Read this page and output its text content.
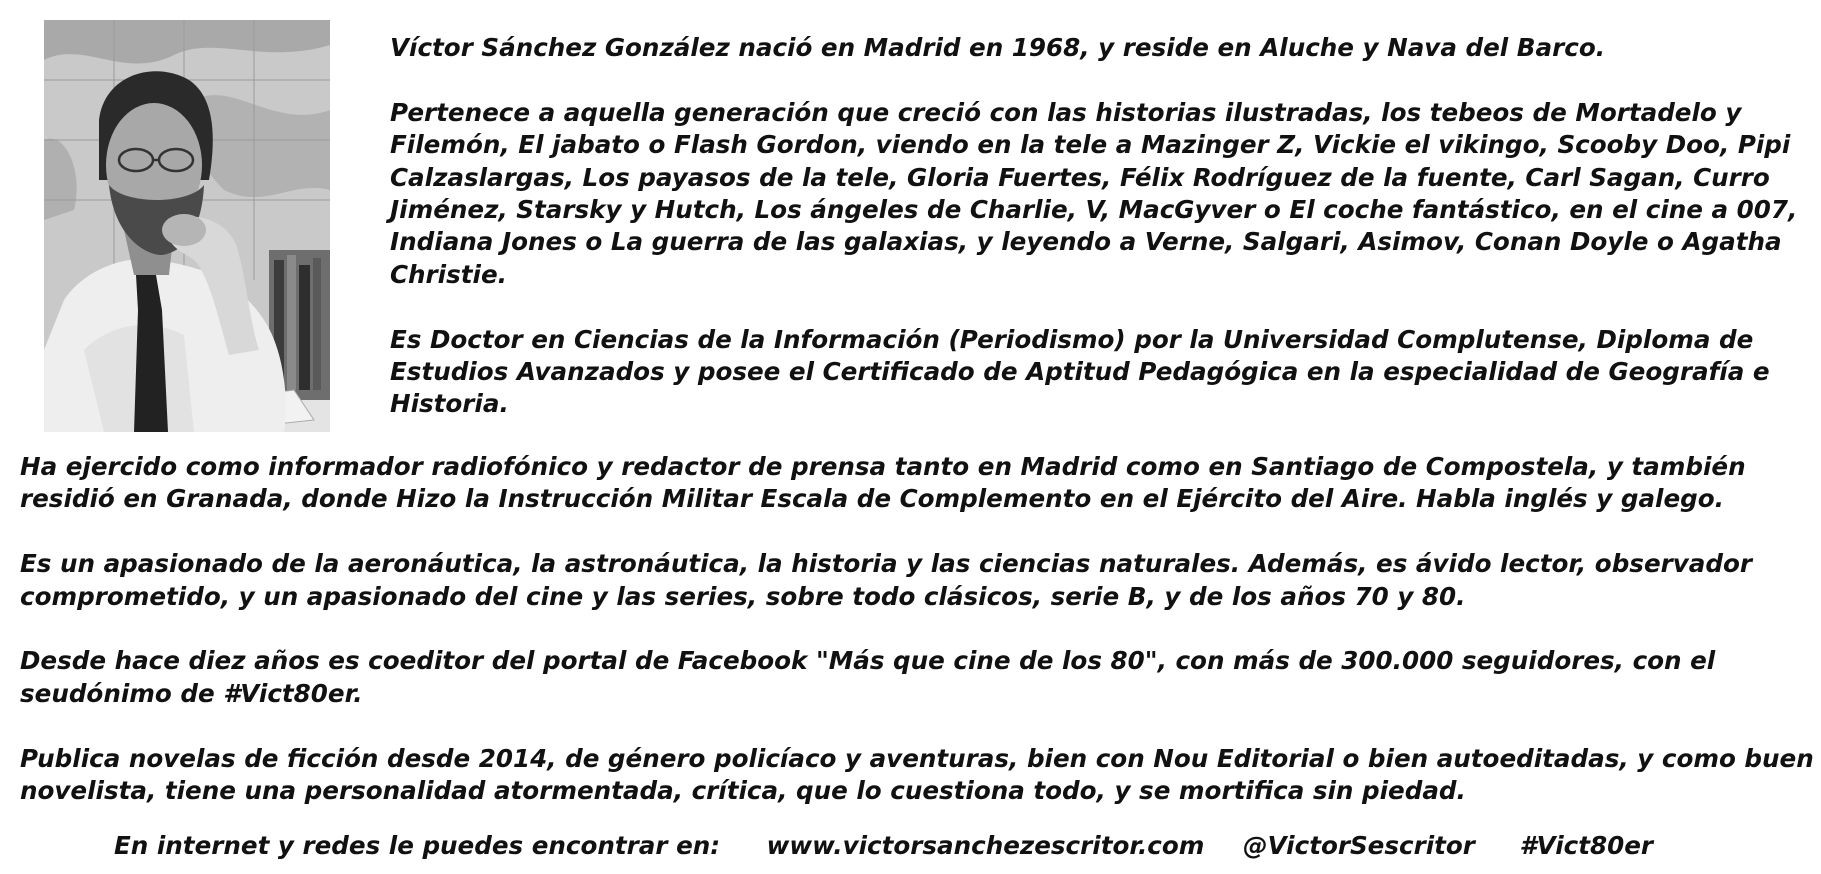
Víctor Sánchez González nació en Madrid en 1968, y reside en Aluche y Nava del Barco.

Pertenece a aquella generación que creció con las historias ilustradas, los tebeos de Mortadelo y Filemón, El jabato o Flash Gordon, viendo en la tele a Mazinger Z, Vickie el vikingo, Scooby Doo, Pipi Calzaslargas, Los payasos de la tele, Gloria Fuertes, Félix Rodríguez de la fuente, Carl Sagan, Curro Jiménez, Starsky y Hutch, Los ángeles de Charlie, V, MacGyver o El coche fantástico, en el cine a 007, Indiana Jones o La guerra de las galaxias, y leyendo a Verne, Salgari, Asimov, Conan Doyle o Agatha Christie.

Es Doctor en Ciencias de la Información (Periodismo) por la Universidad Complutense, Diploma de Estudios Avanzados y posee el Certificado de Aptitud Pedagógica en la especialidad de Geografía e Historia.

Ha ejercido como informador radiofónico y redactor de prensa tanto en Madrid como en Santiago de Compostela, y también residió en Granada, donde Hizo la Instrucción Militar Escala de Complemento en el Ejército del Aire. Habla inglés y galego.

Es un apasionado de la aeronáutica, la astronáutica, la historia y las ciencias naturales. Además, es ávido lector, observador comprometido, y un apasionado del cine y las series, sobre todo clásicos, serie B, y de los años 70 y 80.

Desde hace diez años es coeditor del portal de Facebook "Más que cine de los 80", con más de 300.000 seguidores, con el seudónimo de #Vict80er.

Publica novelas de ficción desde 2014, de género policíaco y aventuras, bien con Nou Editorial o bien autoeditadas, y como buen novelista, tiene una personalidad atormentada, crítica, que lo cuestiona todo, y se mortifica sin piedad.

En internet y redes le puedes encontrar en: www.victorsanchezescritor.com @VictorSescritor #Vict80er
